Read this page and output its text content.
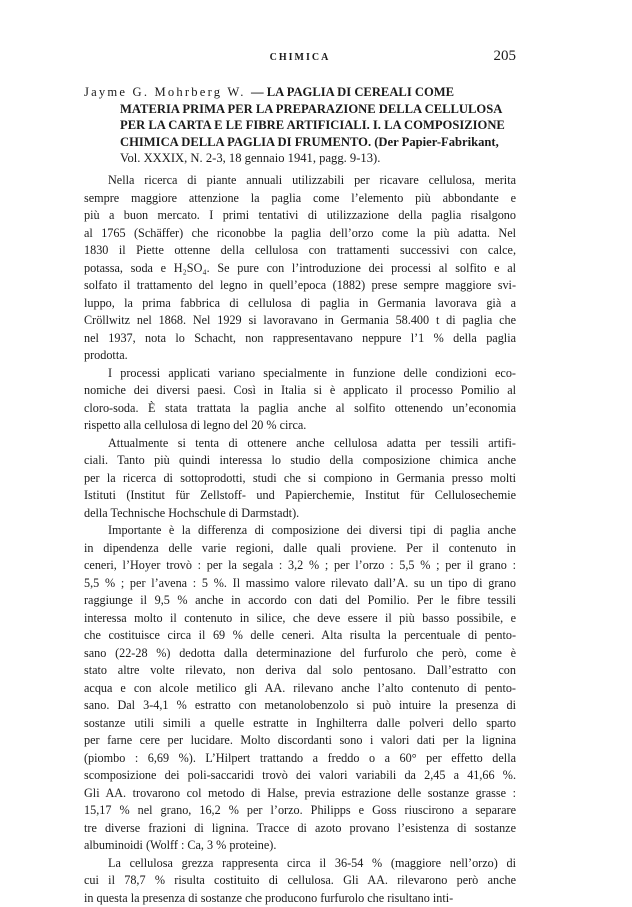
CHIMICA	205
Jayme G. Mohrberg W. — LA PAGLIA DI CEREALI COME
MATERIA PRIMA PER LA PREPARAZIONE DELLA CELLULOSA
PER LA CARTA E LE FIBRE ARTIFICIALI. I. LA COMPOSIZIONE
CHIMICA DELLA PAGLIA DI FRUMENTO. (Der Papier-Fabrikant,
Vol. XXXIX, N. 2-3, 18 gennaio 1941, pagg. 9-13).

Nella ricerca di piante annuali utilizzabili per ricavare cellulosa, merita
sempre maggiore attenzione la paglia come l’elemento più abbondante e
più a buon mercato. I primi tentativi di utilizzazione della paglia risalgono
al 1765 (Schäffer) che riconobbe la paglia dell’orzo come la più adatta. Nel
1830 il Piette ottenne della cellulosa con trattamenti successivi con calce,
potassa, soda e H₂SO₄. Se pure con l’introduzione dei processi al solfito e al
solfato il trattamento del legno in quell’epoca (1882) prese sempre maggiore svi-
luppo, la prima fabbrica di cellulosa di paglia in Germania lavorava già a
Cröllwitz nel 1868. Nel 1929 si lavoravano in Germania 58.400 t di paglia che
nel 1937, nota lo Schacht, non rappresentavano neppure l’1 % della paglia
prodotta.

I processi applicati variano specialmente in funzione delle condizioni eco-
nomiche dei diversi paesi. Così in Italia si è applicato il processo Pomilio al
cloro-soda. È stata trattata la paglia anche al solfito ottenendo un’economia
rispetto alla cellulosa di legno del 20 % circa.

Attualmente si tenta di ottenere anche cellulosa adatta per tessili artifi-
ciali. Tanto più quindi interessa lo studio della composizione chimica anche
per la ricerca di sottoprodotti, studi che si compiono in Germania presso molti
Istituti (Institut für Zellstoff- und Papierchemie, Institut für Cellulosechemie
della Technische Hochschule di Darmstadt).

Importante è la differenza di composizione dei diversi tipi di paglia anche
in dipendenza delle varie regioni, dalle quali proviene. Per il contenuto in
ceneri, l’Hoyer trovò : per la segala : 3,2 % ; per l’orzo : 5,5 % ; per il grano :
5,5 % ; per l’avena : 5 %. Il massimo valore rilevato dall’A. su un tipo di grano
raggiunge il 9,5 % anche in accordo con dati del Pomilio. Per le fibre tessili
interessa molto il contenuto in silice, che deve essere il più basso possibile, e
che costituisce circa il 69 % delle ceneri. Alta risulta la percentuale di pento-
sano (22-28 %) dedotta dalla determinazione del furfurolo che però, come è
stato altre volte rilevato, non deriva dal solo pentosano. Dall’estratto con
acqua e con alcole metilico gli AA. rilevano anche l’alto contenuto di pento-
sano. Dal 3-4,1 % estratto con metanolobenzolo si può intuire la presenza di
sostanze utili simili a quelle estratte in Inghilterra dalle polveri dello sparto
per farne cere per lucidare. Molto discordanti sono i valori dati per la lignina
(piombo : 6,69 %). L’Hilpert trattando a freddo o a 60° per effetto della
scomposizione dei poli-saccaridi trovò dei valori variabili da 2,45 a 41,66 %.
Gli AA. trovarono col metodo di Halse, previa estrazione delle sostanze grasse :
15,17 % nel grano, 16,2 % per l’orzo. Philipps e Goss riuscirono a separare
tre diverse frazioni di lignina. Tracce di azoto provano l’esistenza di sostanze
albuminoidi (Wolff : Ca, 3 % proteine).

La cellulosa grezza rappresenta circa il 36-54 % (maggiore nell’orzo) di
cui il 78,7 % risulta costituito di cellulosa. Gli AA. rilevarono però anche
in questa la presenza di sostanze che producono furfurolo che risultano inti-
